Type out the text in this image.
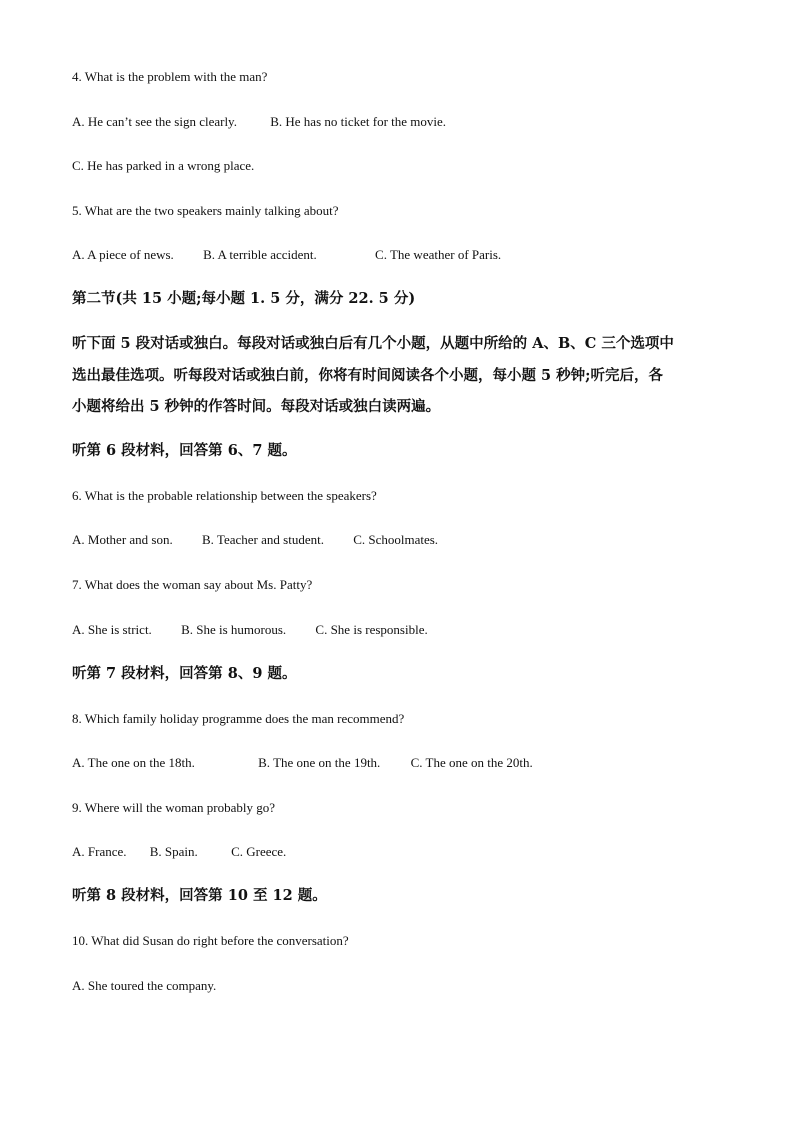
4. What is the problem with the man?
A. He can’t see the sign clearly.	B. He has no ticket for the movie.
C. He has parked in a wrong place.
5. What are the two speakers mainly talking about?
A. A piece of news. B. A terrible accident.	C. The weather of Paris.
第二节(共 15 小题;每小题 1. 5 分，满分 22. 5 分)
听下面 5 段对话或独白。每段对话或独白后有几个小题，从题中所给的 A、B、C 三个选项中
选出最佳选项。听每段对话或独白前，你将有时间阅读各个小题，每小题 5 秒钟;听完后，各
小题将给出 5 秒钟的作答时间。每段对话或独白读两遍。
听第 6 段材料，回答第 6、7 题。
6. What is the probable relationship between the speakers?
A. Mother and son. B. Teacher and student. C. Schoolmates.
7. What does the woman say about Ms. Patty?
A. She is strict. B. She is humorous. C. She is responsible.
听第 7 段材料，回答第 8、9 题。
8. Which family holiday programme does the man recommend?
A. The one on the 18th.	B. The one on the 19th. C. The one on the 20th.
9. Where will the woman probably go?
A. France. B. Spain.	C. Greece.
听第 8 段材料，回答第 10 至 12 题。
10. What did Susan do right before the conversation?
A. She toured the company.
